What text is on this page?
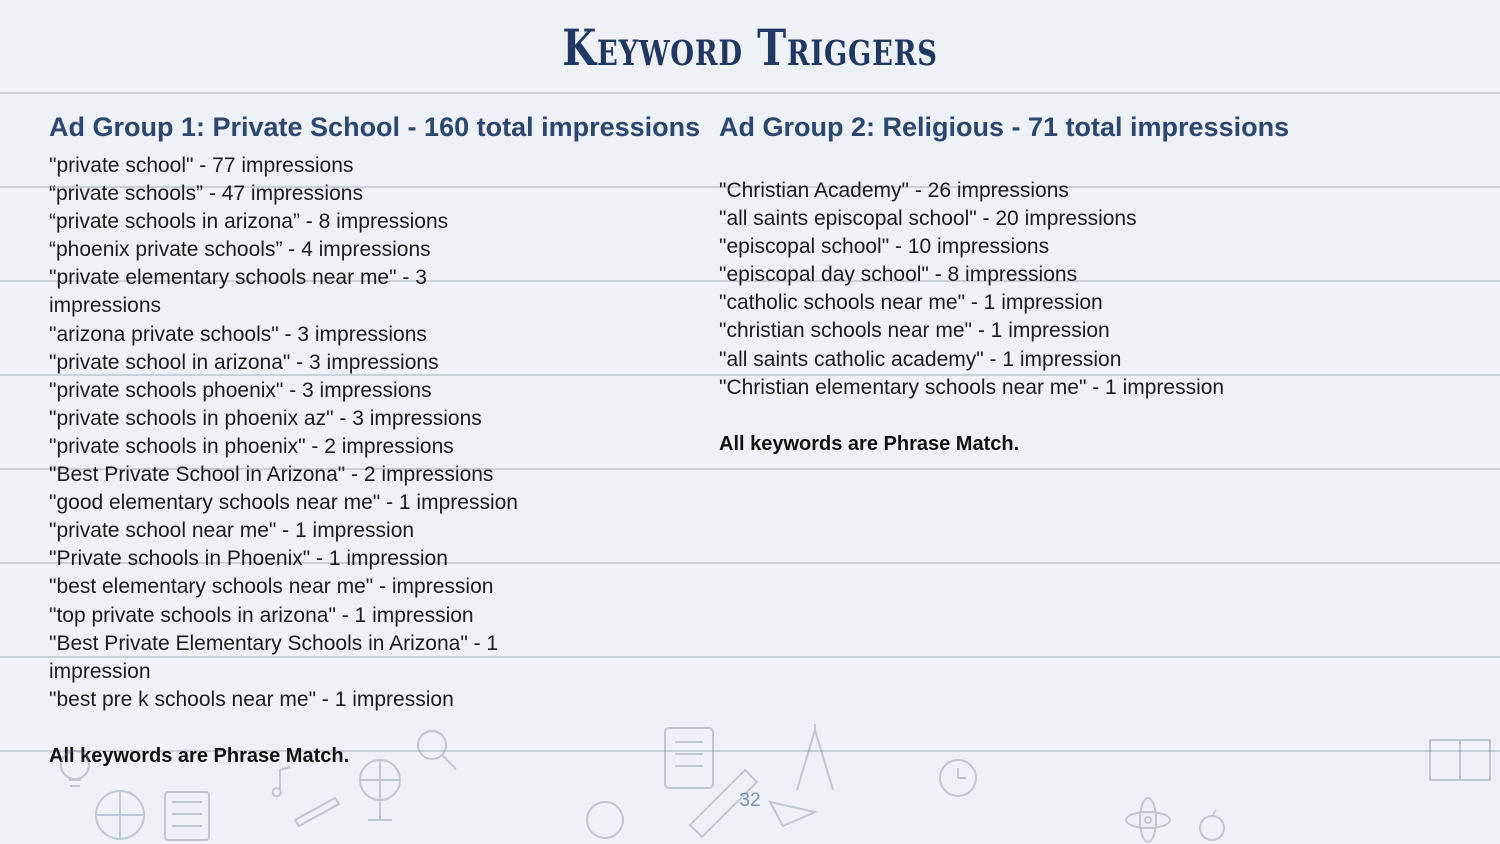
Keyword Triggers
Ad Group 1: Private School - 160 total impressions
"private school" - 77 impressions
“private schools” - 47 impressions
“private schools in arizona” - 8 impressions
“phoenix private schools” - 4 impressions
"private elementary schools near me" - 3 impressions
"arizona private schools" - 3 impressions
"private school in arizona" - 3 impressions
"private schools phoenix" - 3 impressions
"private schools in phoenix az" - 3 impressions
"private schools in phoenix" - 2 impressions
"Best Private School in Arizona" - 2 impressions
"good elementary schools near me" - 1 impression
"private school near me" - 1 impression
"Private schools in Phoenix" - 1 impression
"best elementary schools near me" - impression
"top private schools in arizona" - 1 impression
"Best Private Elementary Schools in Arizona" - 1 impression
"best pre k schools near me" - 1 impression
All keywords are Phrase Match.
Ad Group 2: Religious - 71 total impressions
"Christian Academy" - 26 impressions
"all saints episcopal school" - 20 impressions
"episcopal school" - 10 impressions
"episcopal day school" - 8 impressions
"catholic schools near me" - 1 impression
"christian schools near me" - 1 impression
"all saints catholic academy" - 1 impression
"Christian elementary schools near me" - 1 impression
All keywords are Phrase Match.
32
